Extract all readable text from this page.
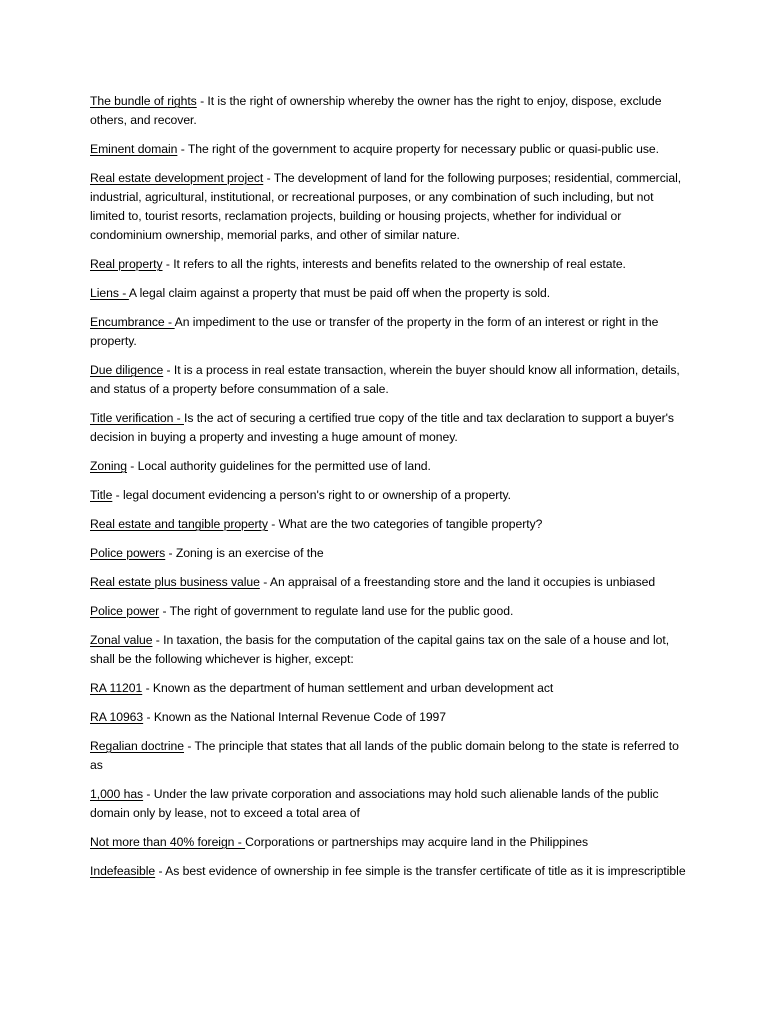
The bundle of rights - It is the right of ownership whereby the owner has the right to enjoy, dispose, exclude others, and recover.

Eminent domain - The right of the government to acquire property for necessary public or quasi-public use.

Real estate development project - The development of land for the following purposes; residential, commercial, industrial, agricultural, institutional, or recreational purposes, or any combination of such including, but not limited to, tourist resorts, reclamation projects, building or housing projects, whether for individual or condominium ownership, memorial parks, and other of similar nature.

Real property - It refers to all the rights, interests and benefits related to the ownership of real estate.

Liens - A legal claim against a property that must be paid off when the property is sold.

Encumbrance - An impediment to the use or transfer of the property in the form of an interest or right in the property.

Due diligence - It is a process in real estate transaction, wherein the buyer should know all information, details, and status of a property before consummation of a sale.

Title verification - Is the act of securing a certified true copy of the title and tax declaration to support a buyer's decision in buying a property and investing a huge amount of money.

Zoning - Local authority guidelines for the permitted use of land.

Title - legal document evidencing a person's right to or ownership of a property.

Real estate and tangible property - What are the two categories of tangible property?

Police powers - Zoning is an exercise of the

Real estate plus business value - An appraisal of a freestanding store and the land it occupies is unbiased

Police power - The right of government to regulate land use for the public good.

Zonal value - In taxation, the basis for the computation of the capital gains tax on the sale of a house and lot, shall be the following whichever is higher, except:

RA 11201 - Known as the department of human settlement and urban development act

RA 10963 - Known as the National Internal Revenue Code of 1997

Regalian doctrine - The principle that states that all lands of the public domain belong to the state is referred to as

1,000 has - Under the law private corporation and associations may hold such alienable lands of the public domain only by lease, not to exceed a total area of

Not more than 40% foreign - Corporations or partnerships may acquire land in the Philippines

Indefeasible - As best evidence of ownership in fee simple is the transfer certificate of title as it is imprescriptible
